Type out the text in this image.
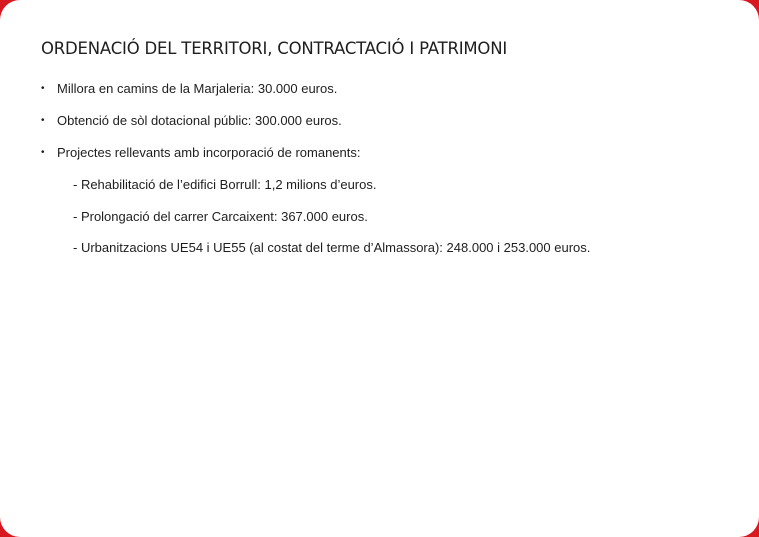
ORDENACIÓ DEL TERRITORI, CONTRACTACIÓ I PATRIMONI
• Millora en camins de la Marjaleria: 30.000 euros.
• Obtenció de sòl dotacional públic: 300.000 euros.
• Projectes rellevants amb incorporació de romanents:
- Rehabilitació de l’edifici Borrull: 1,2 milions d’euros.
- Prolongació del carrer Carcaixent: 367.000 euros.
- Urbanitzacions UE54 i UE55 (al costat del terme d’Almassora): 248.000 i 253.000 euros.
